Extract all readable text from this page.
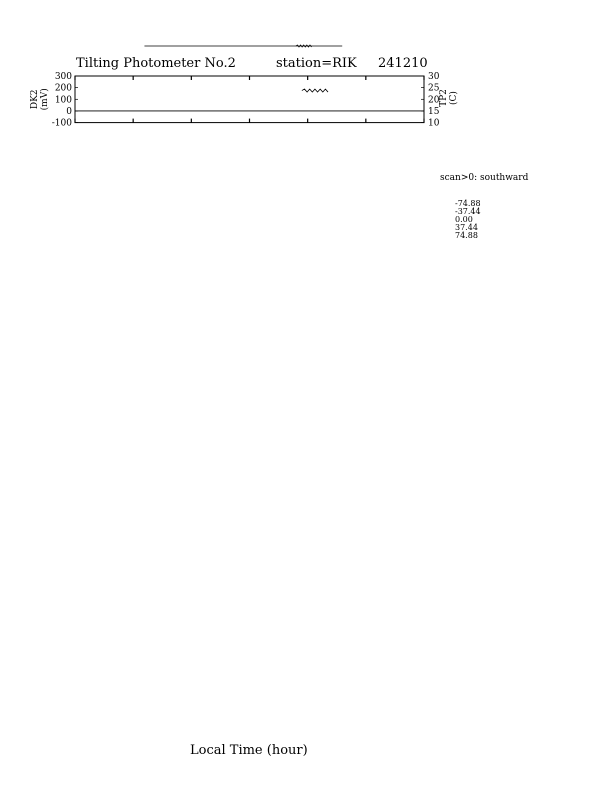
300
200
100
0
-100
30
25
20
15
10
TP2 (C)
DK2 (mV)
Tilting Photometer No.2	station=RIK 241210
Local Time (hour)
scan>0: southward
-74.88
-37.44
0.00
37.44
74.88
